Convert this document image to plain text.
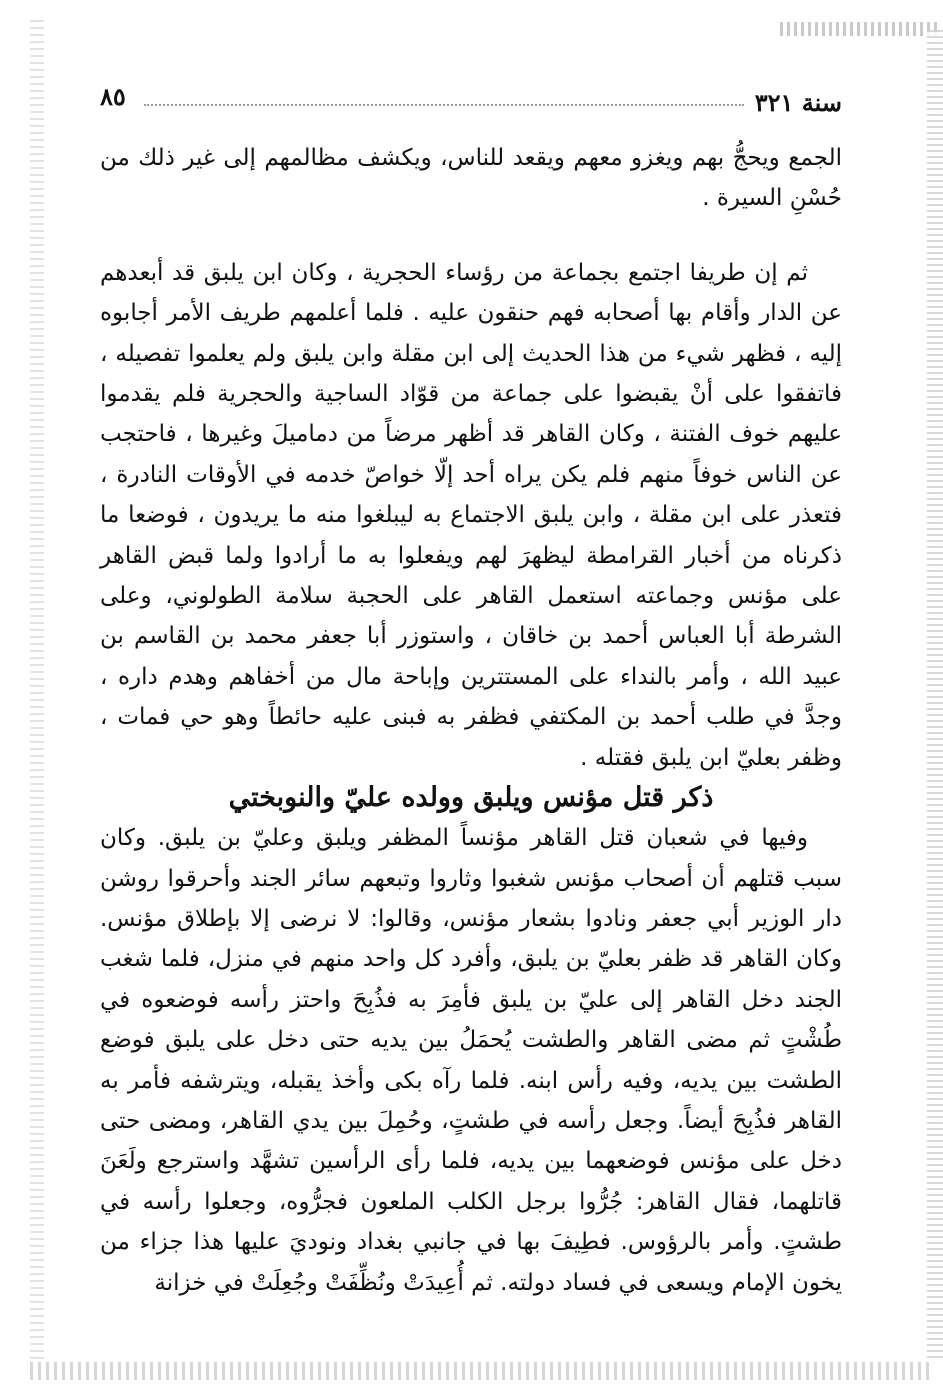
سنة ٣٢١
٨٥

الجمع ويحجُّ بهم ويغزو معهم ويقعد للناس، ويكشف مظالمهم إلى غير ذلك من حُسْنِ السيرة .

ثم إن طريفا اجتمع بجماعة من رؤساء الحجرية ، وكان ابن يلبق قد أبعدهم عن الدار وأقام بها أصحابه فهم حنقون عليه . فلما أعلمهم طريف الأمر أجابوه إليه ، فظهر شيء من هذا الحديث إلى ابن مقلة وابن يلبق ولم يعلموا تفصيله ، فاتفقوا على أنْ يقبضوا على جماعة من قوّاد الساجية والحجرية فلم يقدموا عليهم خوف الفتنة ، وكان القاهر قد أظهر مرضاً من دماميلَ وغيرها ، فاحتجب عن الناس خوفاً منهم فلم يكن يراه أحد إلّا خواصّ خدمه في الأوقات النادرة ، فتعذر على ابن مقلة ، وابن يلبق الاجتماع به ليبلغوا منه ما يريدون ، فوضعا ما ذكرناه من أخبار القرامطة ليظهرَ لهم ويفعلوا به ما أرادوا ولما قبض القاهر على مؤنس وجماعته استعمل القاهر على الحجبة سلامة الطولوني، وعلى الشرطة أبا العباس أحمد بن خاقان ، واستوزر أبا جعفر محمد بن القاسم بن عبيد الله ، وأمر بالنداء على المستترين وإباحة مال من أخفاهم وهدم داره ، وجدَّ في طلب أحمد بن المكتفي فظفر به فبنى عليه حائطاً وهو حي فمات ، وظفر بعليّ ابن يلبق فقتله .

ذكر قتل مؤنس ويلبق وولده عليّ والنوبختي

وفيها في شعبان قتل القاهر مؤنساً المظفر ويلبق وعليّ بن يلبق. وكان سبب قتلهم أن أصحاب مؤنس شغبوا وثاروا وتبعهم سائر الجند وأحرقوا روشن دار الوزير أبي جعفر ونادوا بشعار مؤنس، وقالوا: لا نرضى إلا بإطلاق مؤنس. وكان القاهر قد ظفر بعليّ بن يلبق، وأفرد كل واحد منهم في منزل، فلما شغب الجند دخل القاهر إلى عليّ بن يلبق فأمِرَ به فذُبِحَ واحتز رأسه فوضعوه في طُشْتٍ ثم مضى القاهر والطشت يُحمَلُ بين يديه حتى دخل على يلبق فوضع الطشت بين يديه، وفيه رأس ابنه. فلما رآه بكى وأخذ يقبله، ويترشفه فأمر به القاهر فذُبِحَ أيضاً. وجعل رأسه في طشتٍ، وحُمِلَ بين يدي القاهر، ومضى حتى دخل على مؤنس فوضعهما بين يديه، فلما رأى الرأسين تشهَّد واسترجع ولَعَنَ قاتلهما، فقال القاهر: جُرُّوا برجل الكلب الملعون فجرُّوه، وجعلوا رأسه في طشتٍ. وأمر بالرؤوس. فطِيفَ بها في جانبي بغداد ونوديَ عليها هذا جزاء من يخون الإمام ويسعى في فساد دولته. ثم أُعِيدَتْ ونُظِّفَتْ وجُعِلَتْ في خزانة
